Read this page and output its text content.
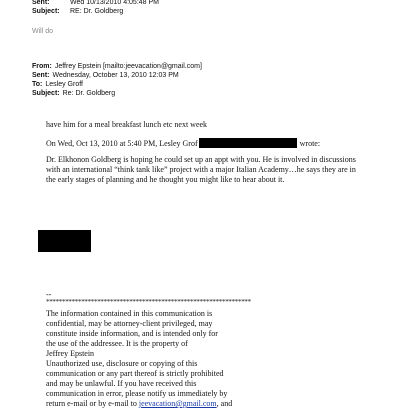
Sent:	Wed 10/13/2010 4:05:48 PM
Subject: RE: Dr. Goldberg
Will do
From: Jeffrey Epstein [mailto:jeevacation@gmail.com]
Sent: Wednesday, October 13, 2010 12:03 PM
To: Lesley Groff
Subject: Re: Dr. Goldberg
have him for a meal breakfast lunch etc next week
On Wed, Oct 13, 2010 at 5:40 PM, Lesley Grof	wrote:
Dr. Elkhonon Goldberg is hoping he could set up an appt with you. He is involved in discussions
with an international “think tank like” project with a major Italian Academy…he says they are in
the early stages of planning and he thought you might like to hear about it.
--
****************************************************************
The information contained in this communication is
confidential, may be attorney-client privileged, may
constitute inside information, and is intended only for
the use of the addressee. It is the property of
Jeffrey Epstein
Unauthorized use, disclosure or copying of this
communication or any part thereof is strictly prohibited
and may be unlawful. If you have received this
communication in error, please notify us immediately by
return e-mail or by e-mail to jeevacation@gmail.com, and
